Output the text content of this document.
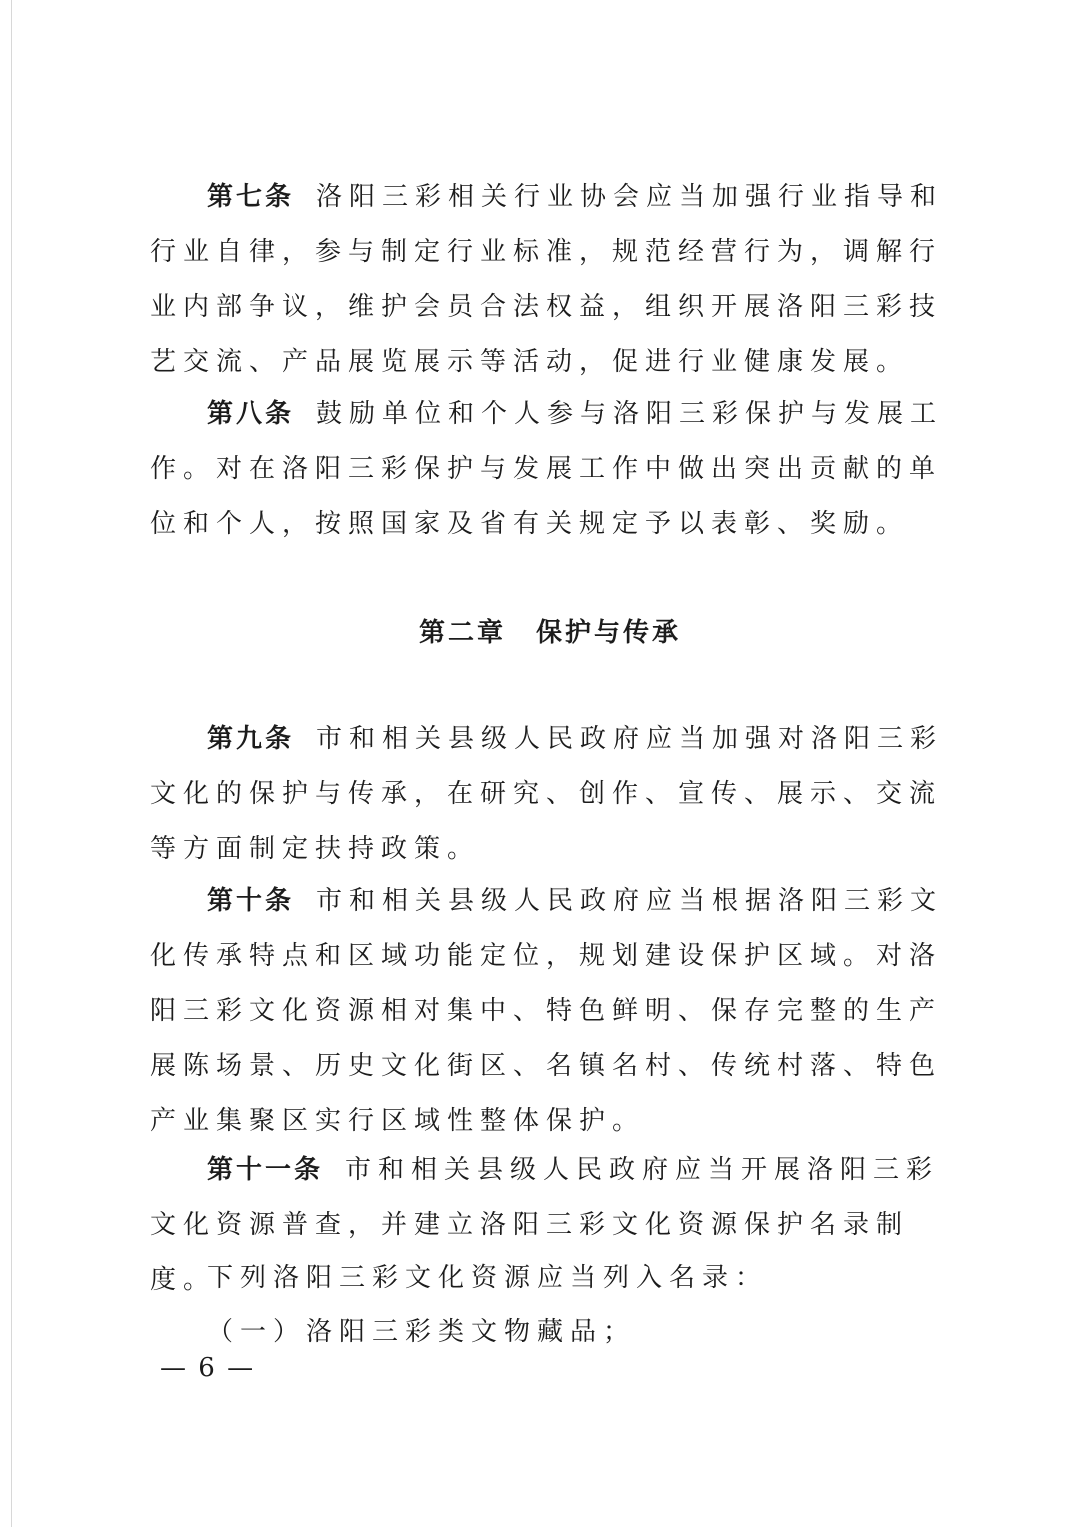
第七条 洛阳三彩相关行业协会应当加强行业指导和行业自律，参与制定行业标准，规范经营行为，调解行业内部争议，维护会员合法权益，组织开展洛阳三彩技艺交流、产品展览展示等活动，促进行业健康发展。

第八条 鼓励单位和个人参与洛阳三彩保护与发展工作。对在洛阳三彩保护与发展工作中做出突出贡献的单位和个人，按照国家及省有关规定予以表彰、奖励。

第二章 保护与传承

第九条 市和相关县级人民政府应当加强对洛阳三彩文化的保护与传承，在研究、创作、宣传、展示、交流等方面制定扶持政策。

第十条 市和相关县级人民政府应当根据洛阳三彩文化传承特点和区域功能定位，规划建设保护区域。对洛阳三彩文化资源相对集中、特色鲜明、保存完整的生产展陈场景、历史文化街区、名镇名村、传统村落、特色产业集聚区实行区域性整体保护。

第十一条 市和相关县级人民政府应当开展洛阳三彩文化资源普查，并建立洛阳三彩文化资源保护名录制度。

下列洛阳三彩文化资源应当列入名录：

（一）洛阳三彩类文物藏品；

— 6 —
